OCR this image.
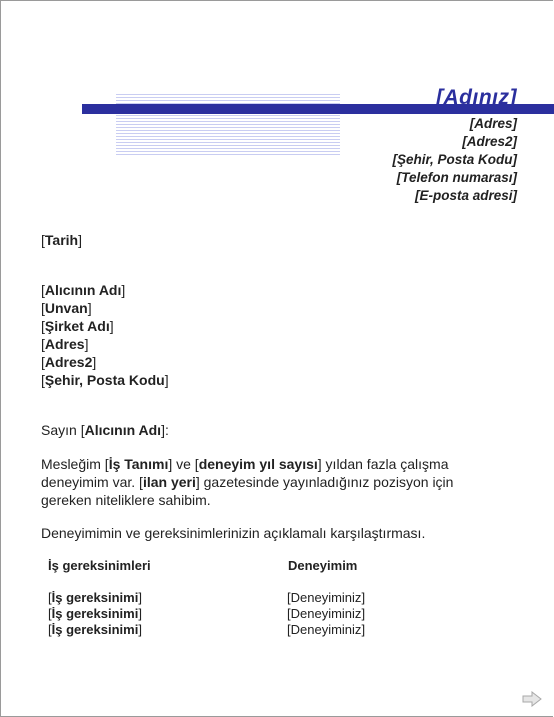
[Adınız]
[Adres]
[Adres2]
[Şehir, Posta Kodu]
[Telefon numarası]
[E-posta adresi]
[Tarih]
[Alıcının Adı]
[Unvan]
[Şirket Adı]
[Adres]
[Adres2]
[Şehir, Posta Kodu]
Sayın [Alıcının Adı]:
Mesleğim [İş Tanımı] ve [deneyim yıl sayısı] yıldan fazla çalışma deneyimim var. [ilan yeri] gazetesinde yayınladığınız pozisyon için gereken niteliklere sahibim.
Deneyimimin ve gereksinimlerinizin açıklamalı karşılaştırması.
İş gereksinimleri	Deneyimim
[İş gereksinimi]	[Deneyiminiz]
[İş gereksinimi]	[Deneyiminiz]
[İş gereksinimi]	[Deneyiminiz]
